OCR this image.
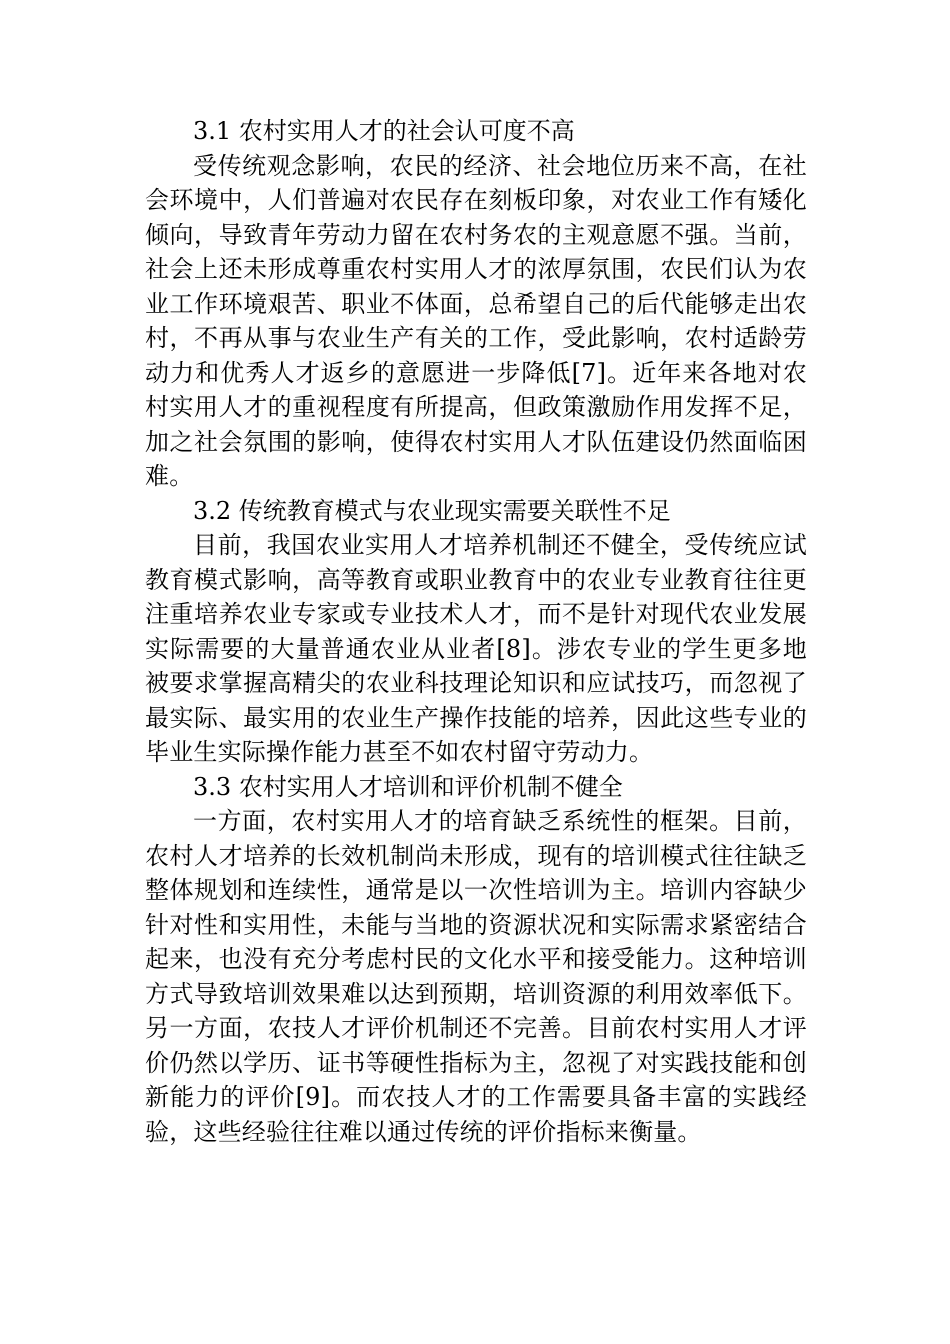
3.1 农村实用人才的社会认可度不高

受传统观念影响，农民的经济、社会地位历来不高，在社会环境中，人们普遍对农民存在刻板印象，对农业工作有矮化倾向，导致青年劳动力留在农村务农的主观意愿不强。当前，社会上还未形成尊重农村实用人才的浓厚氛围，农民们认为农业工作环境艰苦、职业不体面，总希望自己的后代能够走出农村，不再从事与农业生产有关的工作，受此影响，农村适龄劳动力和优秀人才返乡的意愿进一步降低[7]。近年来各地对农村实用人才的重视程度有所提高，但政策激励作用发挥不足，加之社会氛围的影响，使得农村实用人才队伍建设仍然面临困难。

3.2 传统教育模式与农业现实需要关联性不足

目前，我国农业实用人才培养机制还不健全，受传统应试教育模式影响，高等教育或职业教育中的农业专业教育往往更注重培养农业专家或专业技术人才，而不是针对现代农业发展实际需要的大量普通农业从业者[8]。涉农专业的学生更多地被要求掌握高精尖的农业科技理论知识和应试技巧，而忽视了最实际、最实用的农业生产操作技能的培养，因此这些专业的毕业生实际操作能力甚至不如农村留守劳动力。

3.3 农村实用人才培训和评价机制不健全

一方面，农村实用人才的培育缺乏系统性的框架。目前，农村人才培养的长效机制尚未形成，现有的培训模式往往缺乏整体规划和连续性，通常是以一次性培训为主。培训内容缺少针对性和实用性，未能与当地的资源状况和实际需求紧密结合起来，也没有充分考虑村民的文化水平和接受能力。这种培训方式导致培训效果难以达到预期，培训资源的利用效率低下。另一方面，农技人才评价机制还不完善。目前农村实用人才评价仍然以学历、证书等硬性指标为主，忽视了对实践技能和创新能力的评价[9]。而农技人才的工作需要具备丰富的实践经验，这些经验往往难以通过传统的评价指标来衡量。
